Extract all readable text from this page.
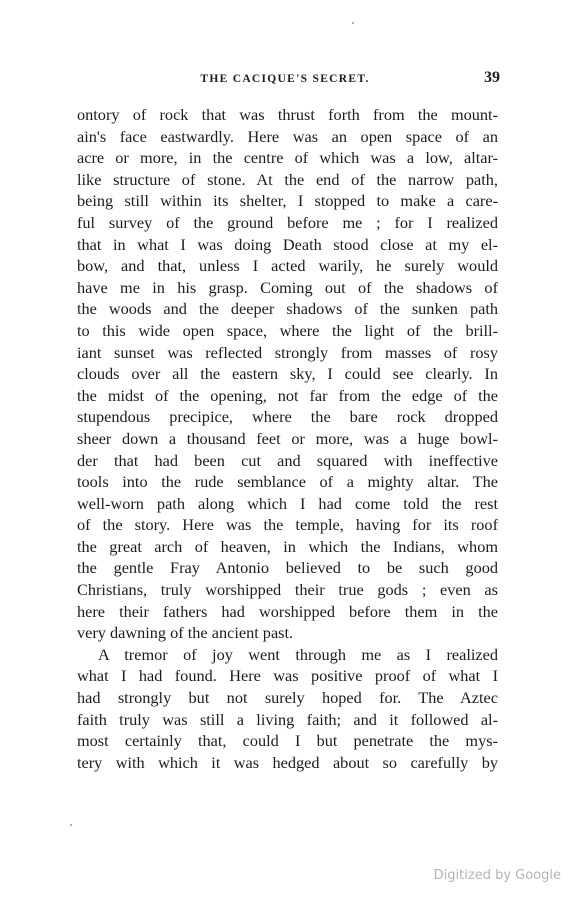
THE CACIQUE'S SECRET.	39
ontory of rock that was thrust forth from the mount-
ain's face eastwardly. Here was an open space of an
acre or more, in the centre of which was a low, altar-
like structure of stone. At the end of the narrow path,
being still within its shelter, I stopped to make a care-
ful survey of the ground before me ; for I realized
that in what I was doing Death stood close at my el-
bow, and that, unless I acted warily, he surely would
have me in his grasp. Coming out of the shadows of
the woods and the deeper shadows of the sunken path
to this wide open space, where the light of the brill-
iant sunset was reflected strongly from masses of rosy
clouds over all the eastern sky, I could see clearly. In
the midst of the opening, not far from the edge of the
stupendous precipice, where the bare rock dropped
sheer down a thousand feet or more, was a huge bowl-
der that had been cut and squared with ineffective
tools into the rude semblance of a mighty altar. The
well-worn path along which I had come told the rest
of the story. Here was the temple, having for its roof
the great arch of heaven, in which the Indians, whom
the gentle Fray Antonio believed to be such good
Christians, truly worshipped their true gods ; even as
here their fathers had worshipped before them in the
very dawning of the ancient past.
A tremor of joy went through me as I realized
what I had found. Here was positive proof of what I
had strongly but not surely hoped for. The Aztec
faith truly was still a living faith; and it followed al-
most certainly that, could I but penetrate the mys-
tery with which it was hedged about so carefully by
Digitized by Google
